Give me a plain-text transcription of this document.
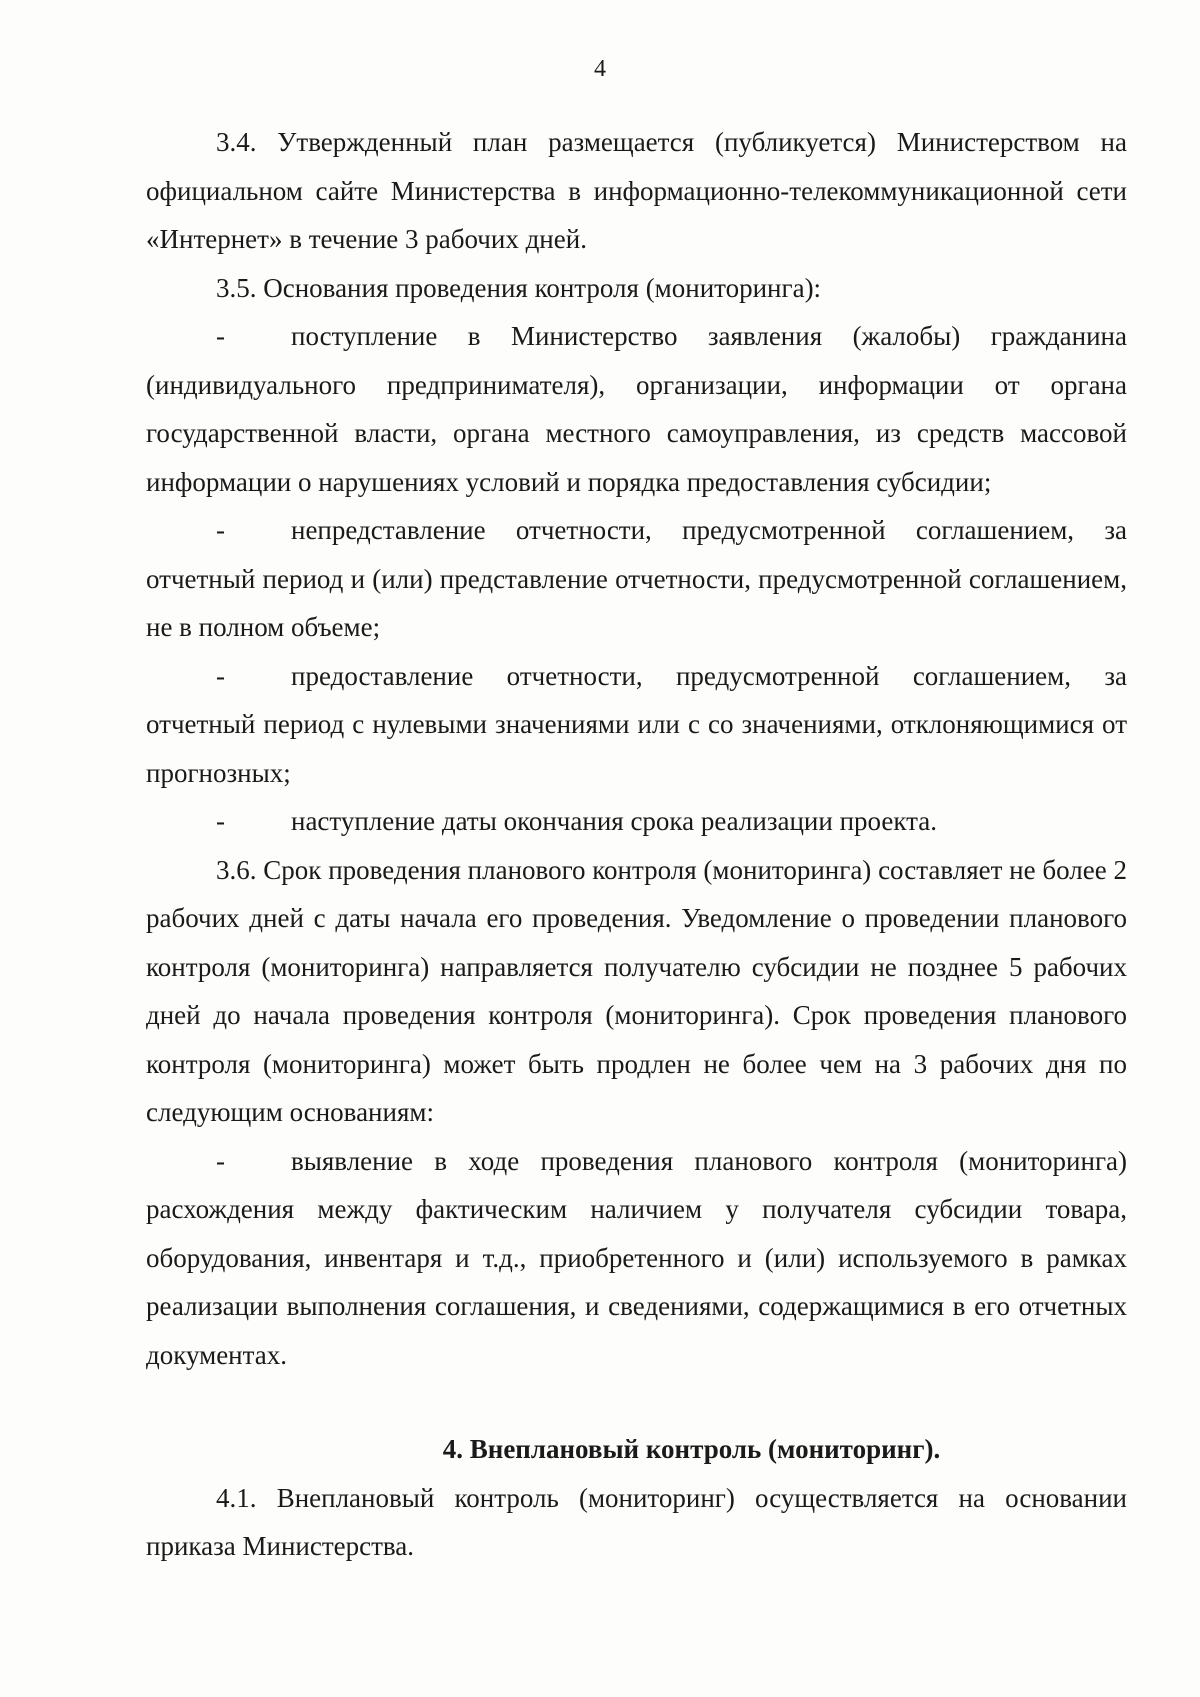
4

3.4. Утвержденный план размещается (публикуется) Министерством на официальном сайте Министерства в информационно-телекоммуникационной сети «Интернет» в течение 3 рабочих дней.

3.5. Основания проведения контроля (мониторинга):

- поступление в Министерство заявления (жалобы) гражданина (индивидуального предпринимателя), организации, информации от органа государственной власти, органа местного самоуправления, из средств массовой информации о нарушениях условий и порядка предоставления субсидии;

- непредставление отчетности, предусмотренной соглашением, за отчетный период и (или) представление отчетности, предусмотренной соглашением, не в полном объеме;

- предоставление отчетности, предусмотренной соглашением, за отчетный период с нулевыми значениями или с со значениями, отклоняющимися от прогнозных;

- наступление даты окончания срока реализации проекта.

3.6. Срок проведения планового контроля (мониторинга) составляет не более 2 рабочих дней с даты начала его проведения. Уведомление о проведении планового контроля (мониторинга) направляется получателю субсидии не позднее 5 рабочих дней до начала проведения контроля (мониторинга). Срок проведения планового контроля (мониторинга) может быть продлен не более чем на 3 рабочих дня по следующим основаниям:

- выявление в ходе проведения планового контроля (мониторинга) расхождения между фактическим наличием у получателя субсидии товара, оборудования, инвентаря и т.д., приобретенного и (или) используемого в рамках реализации выполнения соглашения, и сведениями, содержащимися в его отчетных документах.

4. Внеплановый контроль (мониторинг).

4.1. Внеплановый контроль (мониторинг) осуществляется на основании приказа Министерства.
